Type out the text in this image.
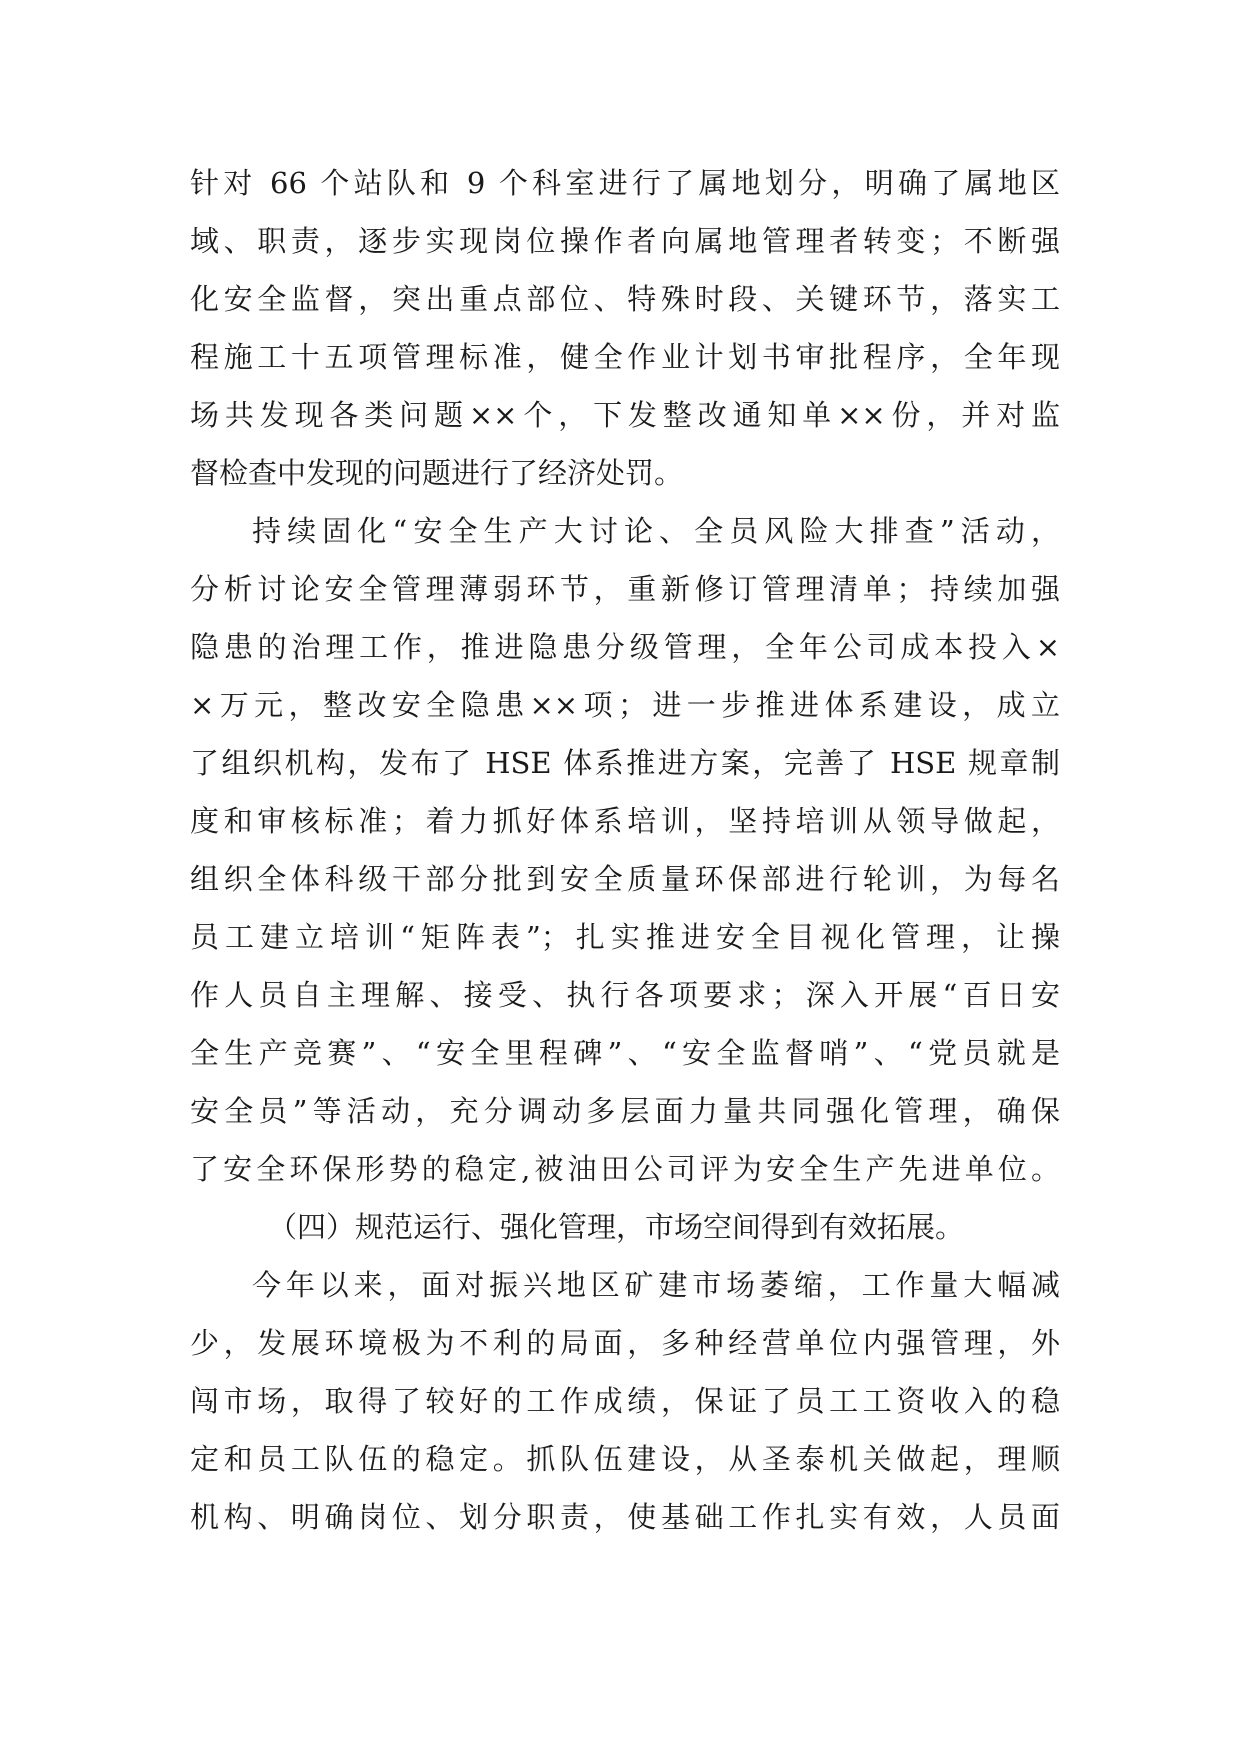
针对 66 个站队和 9 个科室进行了属地划分，明确了属地区
域、职责，逐步实现岗位操作者向属地管理者转变；不断强
化安全监督，突出重点部位、特殊时段、关键环节，落实工
程施工十五项管理标准，健全作业计划书审批程序，全年现
场共发现各类问题××个，下发整改通知单××份，并对监
督检查中发现的问题进行了经济处罚。
持续固化“安全生产大讨论、全员风险大排查”活动，
分析讨论安全管理薄弱环节，重新修订管理清单；持续加强
隐患的治理工作，推进隐患分级管理，全年公司成本投入×
×万元，整改安全隐患××项；进一步推进体系建设，成立
了组织机构，发布了 HSE 体系推进方案，完善了 HSE 规章制
度和审核标准；着力抓好体系培训，坚持培训从领导做起，
组织全体科级干部分批到安全质量环保部进行轮训，为每名
员工建立培训“矩阵表”；扎实推进安全目视化管理，让操
作人员自主理解、接受、执行各项要求；深入开展“百日安
全生产竞赛”、“安全里程碑”、“安全监督哨”、“党员就是
安全员”等活动，充分调动多层面力量共同强化管理，确保
了安全环保形势的稳定,被油田公司评为安全生产先进单位。
（四）规范运行、强化管理，市场空间得到有效拓展。
今年以来，面对振兴地区矿建市场萎缩，工作量大幅减
少，发展环境极为不利的局面，多种经营单位内强管理，外
闯市场，取得了较好的工作成绩，保证了员工工资收入的稳
定和员工队伍的稳定。抓队伍建设，从圣泰机关做起，理顺
机构、明确岗位、划分职责，使基础工作扎实有效，人员面
